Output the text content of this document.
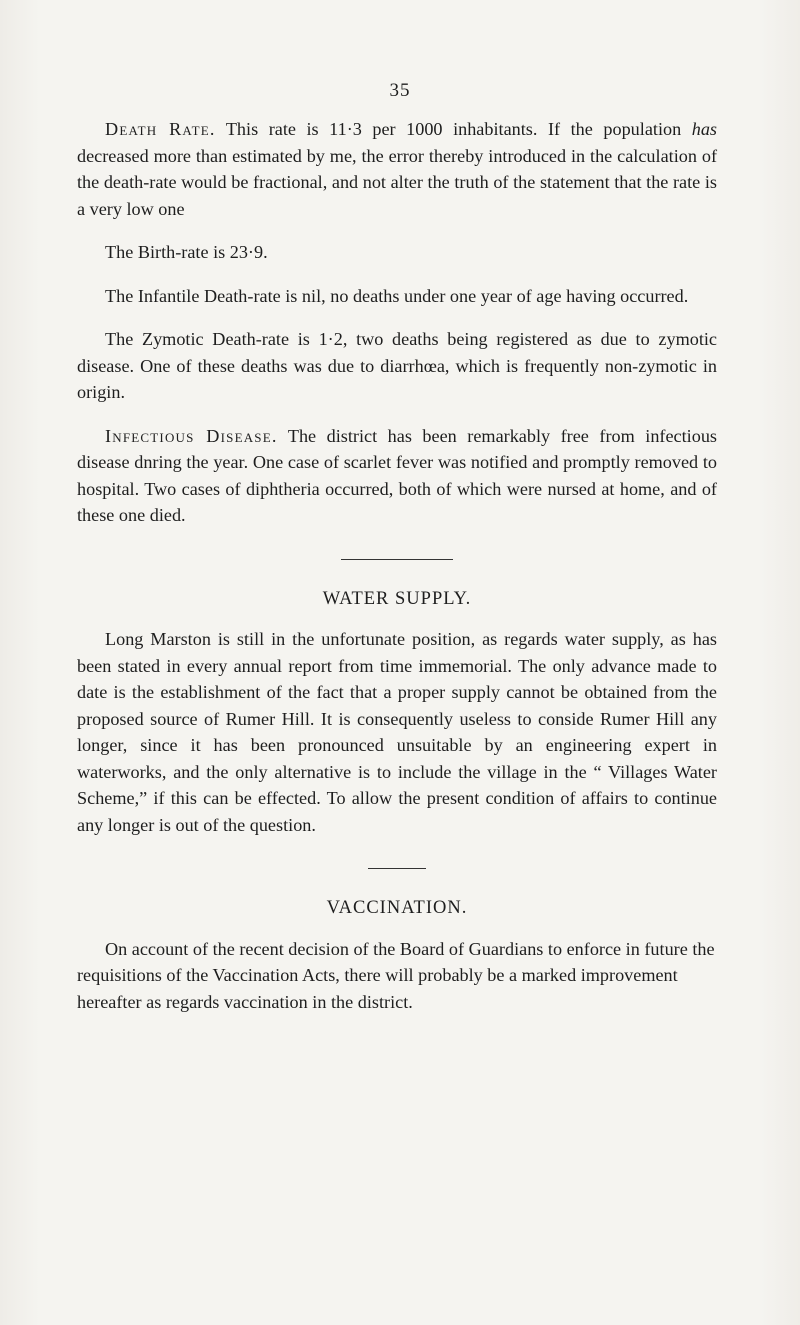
35

Death Rate. This rate is 11·3 per 1000 inhabitants. If the population has decreased more than estimated by me, the error thereby introduced in the calculation of the death-rate would be fractional, and not alter the truth of the statement that the rate is a very low one

The Birth-rate is 23·9.

The Infantile Death-rate is nil, no deaths under one year of age having occurred.

The Zymotic Death-rate is 1·2, two deaths being registered as due to zymotic disease. One of these deaths was due to diarrhœa, which is frequently non-zymotic in origin.

Infectious Disease. The district has been remarkably free from infectious disease dnring the year. One case of scarlet fever was notified and promptly removed to hospital. Two cases of diphtheria occurred, both of which were nursed at home, and of these one died.

WATER SUPPLY.

Long Marston is still in the unfortunate position, as regards water supply, as has been stated in every annual report from time immemorial. The only advance made to date is the establishment of the fact that a proper supply cannot be obtained from the proposed source of Rumer Hill. It is consequently useless to conside Rumer Hill any longer, since it has been pronounced unsuitable by an engineering expert in waterworks, and the only alternative is to include the village in the “ Villages Water Scheme,” if this can be effected. To allow the present condition of affairs to continue any longer is out of the question.

VACCINATION.

On account of the recent decision of the Board of Guardians to enforce in future the requisitions of the Vaccination Acts, there will probably be a marked improvement hereafter as regards vaccination in the district.
